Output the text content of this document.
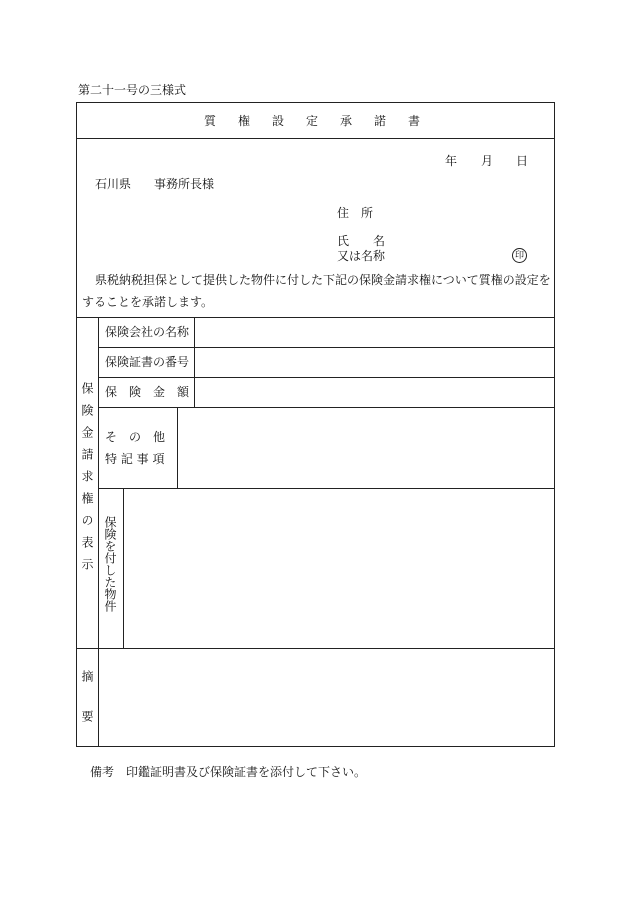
第二十一号の三様式
質権設定承諾書
年 月 日
石川県 事務所長様
住　所
氏　　名
又は名称	印
県税納税担保として提供した物件に付した下記の保険金請求権について質権の設定を
することを承諾します。
保険金請求権の表示
保険会社の名称
保険証書の番号
保　険　金　額
そ　の　他
特 記 事 項
保険を付した物件
摘要
備考　印鑑証明書及び保険証書を添付して下さい。
